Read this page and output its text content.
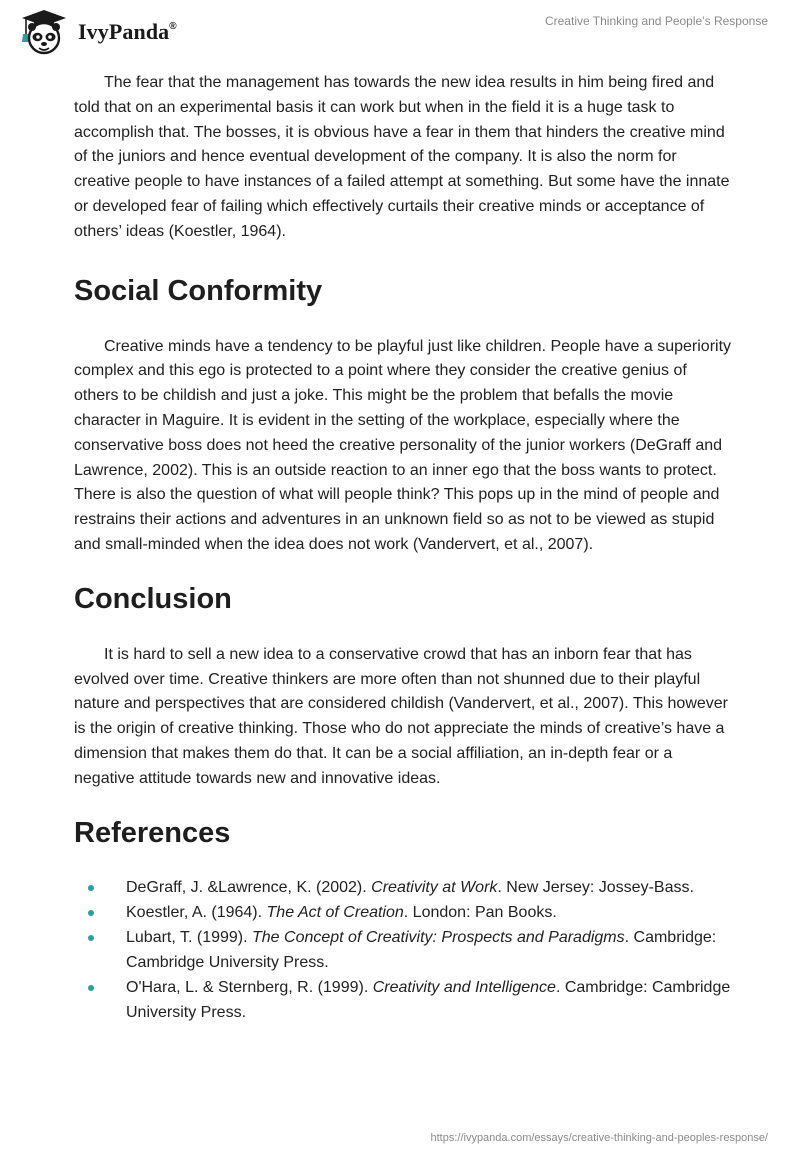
IvyPanda®	Creative Thinking and People’s Response

The fear that the management has towards the new idea results in him being fired and told that on an experimental basis it can work but when in the field it is a huge task to accomplish that. The bosses, it is obvious have a fear in them that hinders the creative mind of the juniors and hence eventual development of the company. It is also the norm for creative people to have instances of a failed attempt at something. But some have the innate or developed fear of failing which effectively curtails their creative minds or acceptance of others’ ideas (Koestler, 1964).

Social Conformity

Creative minds have a tendency to be playful just like children. People have a superiority complex and this ego is protected to a point where they consider the creative genius of others to be childish and just a joke. This might be the problem that befalls the movie character in Maguire. It is evident in the setting of the workplace, especially where the conservative boss does not heed the creative personality of the junior workers (DeGraff and Lawrence, 2002). This is an outside reaction to an inner ego that the boss wants to protect. There is also the question of what will people think? This pops up in the mind of people and restrains their actions and adventures in an unknown field so as not to be viewed as stupid and small-minded when the idea does not work (Vandervert, et al., 2007).

Conclusion

It is hard to sell a new idea to a conservative crowd that has an inborn fear that has evolved over time. Creative thinkers are more often than not shunned due to their playful nature and perspectives that are considered childish (Vandervert, et al., 2007). This however is the origin of creative thinking. Those who do not appreciate the minds of creative’s have a dimension that makes them do that. It can be a social affiliation, an in-depth fear or a negative attitude towards new and innovative ideas.

References
DeGraff, J. &Lawrence, K. (2002). Creativity at Work. New Jersey: Jossey-Bass.
Koestler, A. (1964). The Act of Creation. London: Pan Books.
Lubart, T. (1999). The Concept of Creativity: Prospects and Paradigms. Cambridge: Cambridge University Press.
O'Hara, L. & Sternberg, R. (1999). Creativity and Intelligence. Cambridge: Cambridge University Press.
https://ivypanda.com/essays/creative-thinking-and-peoples-response/
